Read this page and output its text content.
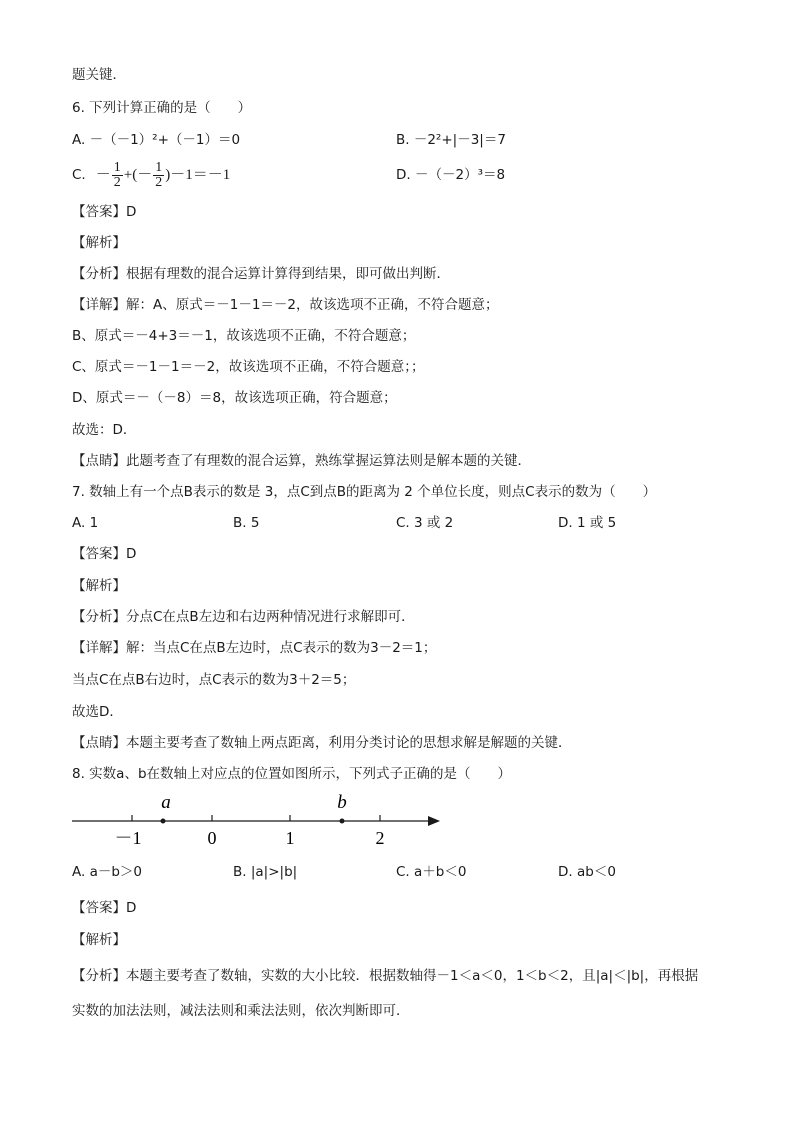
题关键．
6. 下列计算正确的是（　　）
A. －（－1）²+（－1）＝0	B. －2²+|－3|＝7
C. － $\frac{1}{2}$ +(－ $\frac{1}{2} )-1=-1$	D. －（－2）³＝8
【答案】D
【解析】
【分析】根据有理数的混合运算计算得到结果，即可做出判断．
【详解】解：A、原式＝－1－1＝－2，故该选项不正确，不符合题意；
B、原式＝－4+3＝－1，故该选项不正确，不符合题意；
C、原式＝－1－1＝－2，故该选项不正确，不符合题意；；
D、原式＝－（－8）＝8，故该选项正确，符合题意；
故选：D．
【点睛】此题考查了有理数的混合运算，熟练掌握运算法则是解本题的关键．
7. 数轴上有一个点B表示的数是 3，点C到点B的距离为 2 个单位长度，则点C表示的数为（　　）
A. 1	B. 5	C. 3 或 2	D. 1 或 5
【答案】D
【解析】
【分析】分点C在点B左边和右边两种情况进行求解即可．
【详解】解：当点C在点B左边时，点C表示的数为3－2＝1；
当点C在点B右边时，点C表示的数为3＋2＝5；
故选D．
【点睛】本题主要考查了数轴上两点距离，利用分类讨论的思想求解是解题的关键．
8. 实数a、b在数轴上对应点的位置如图所示，下列式子正确的是（　　）
a	b
－1	0	1	2
A. a－b＞0	B. |a|>|b|	C. a＋b＜0	D. ab＜0
【答案】D
【解析】
【分析】本题主要考查了数轴，实数的大小比较．根据数轴得－1＜a＜0，1＜b＜2，且|a|＜|b|，再根据
实数的加法法则，减法法则和乘法法则，依次判断即可．
